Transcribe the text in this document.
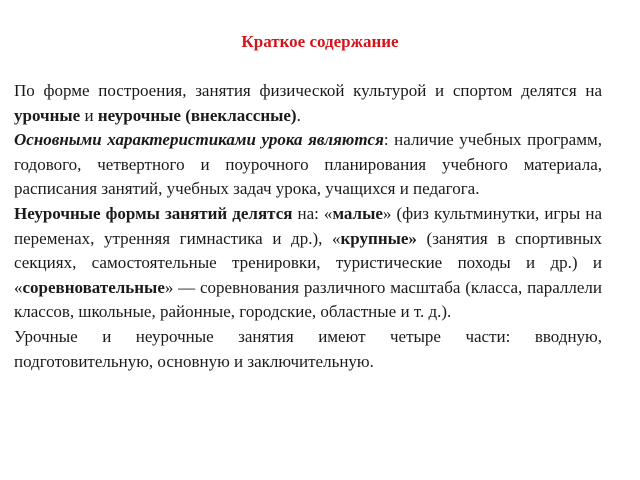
Краткое содержание

По форме построения, занятия физической культурой и спортом делятся на урочные и неурочные (внеклассные).

Основными характеристиками урока являются: наличие учебных программ, годового, четвертного и поурочного планирования учебного материала, расписания занятий, учебных задач урока, учащихся и педагога.

Неурочные формы занятий делятся на: «малые» (физ культминутки, игры на переменах, утренняя гимнастика и др.), «крупные» (занятия в спортивных секциях, самостоятельные тренировки, туристические походы и др.) и «соревновательные» — соревнования различного масштаба (класса, параллели классов, школьные, районные, городские, областные и т. д.).

Урочные и неурочные занятия имеют четыре части: вводную, подготовительную, основную и заключительную.
